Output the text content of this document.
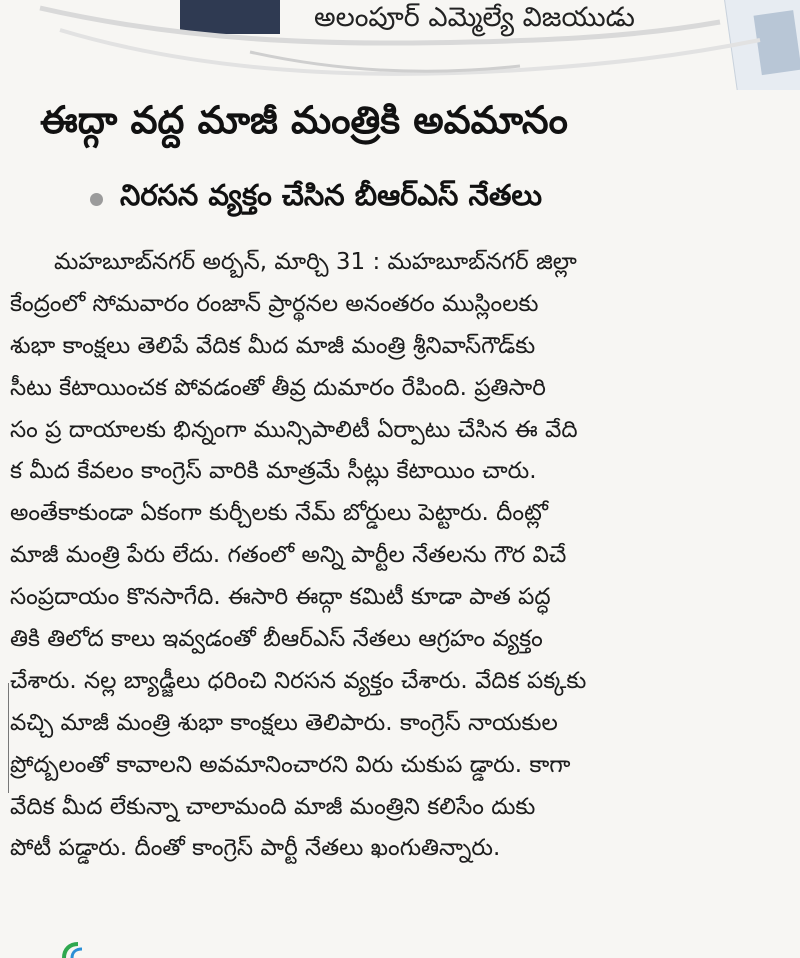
అలంపూర్ ఎమ్మెల్యే విజయుడు
ఈద్గా వద్ద మాజీ మంత్రికి అవమానం
నిరసన వ్యక్తం చేసిన బీఆర్ఎస్ నేతలు
మహబూబ్‌నగర్ అర్బన్, మార్చి 31 : మహబూబ్‌నగర్ జిల్లా
కేంద్రంలో సోమవారం రంజాన్ ప్రార్థనల అనంతరం ముస్లింలకు
శుభా కాంక్షలు తెలిపే వేదిక మీద మాజీ మంత్రి శ్రీనివాస్‌గౌడ్‌కు
సీటు కేటాయించక పోవడంతో తీవ్ర దుమారం రేపింది. ప్రతిసారి
సం ప్ర దాయాలకు భిన్నంగా మున్సిపాలిటీ ఏర్పాటు చేసిన ఈ వేది
క మీద కేవలం కాంగ్రెస్ వారికి మాత్రమే సీట్లు కేటాయిం చారు.
అంతేకాకుండా ఏకంగా కుర్చీలకు నేమ్ బోర్డులు పెట్టారు. దీంట్లో
మాజీ మంత్రి పేరు లేదు. గతంలో అన్ని పార్టీల నేతలను గౌర విచే
సంప్రదాయం కొనసాగేది. ఈసారి ఈద్గా కమిటీ కూడా పాత పద్ధ
తికి తిలోద కాలు ఇవ్వడంతో బీఆర్ఎస్ నేతలు ఆగ్రహం వ్యక్తం
చేశారు. నల్ల బ్యాడ్జీలు ధరించి నిరసన వ్యక్తం చేశారు. వేదిక పక్కకు
వచ్చి మాజీ మంత్రి శుభా కాంక్షలు తెలిపారు. కాంగ్రెస్ నాయకుల
ప్రోద్బలంతో కావాలని అవమానించారని విరు చుకుప డ్డారు. కాగా
వేదిక మీద లేకున్నా చాలామంది మాజీ మంత్రిని కలిసేం దుకు
పోటీ పడ్డారు. దీంతో కాంగ్రెస్ పార్టీ నేతలు ఖంగుతిన్నారు.
